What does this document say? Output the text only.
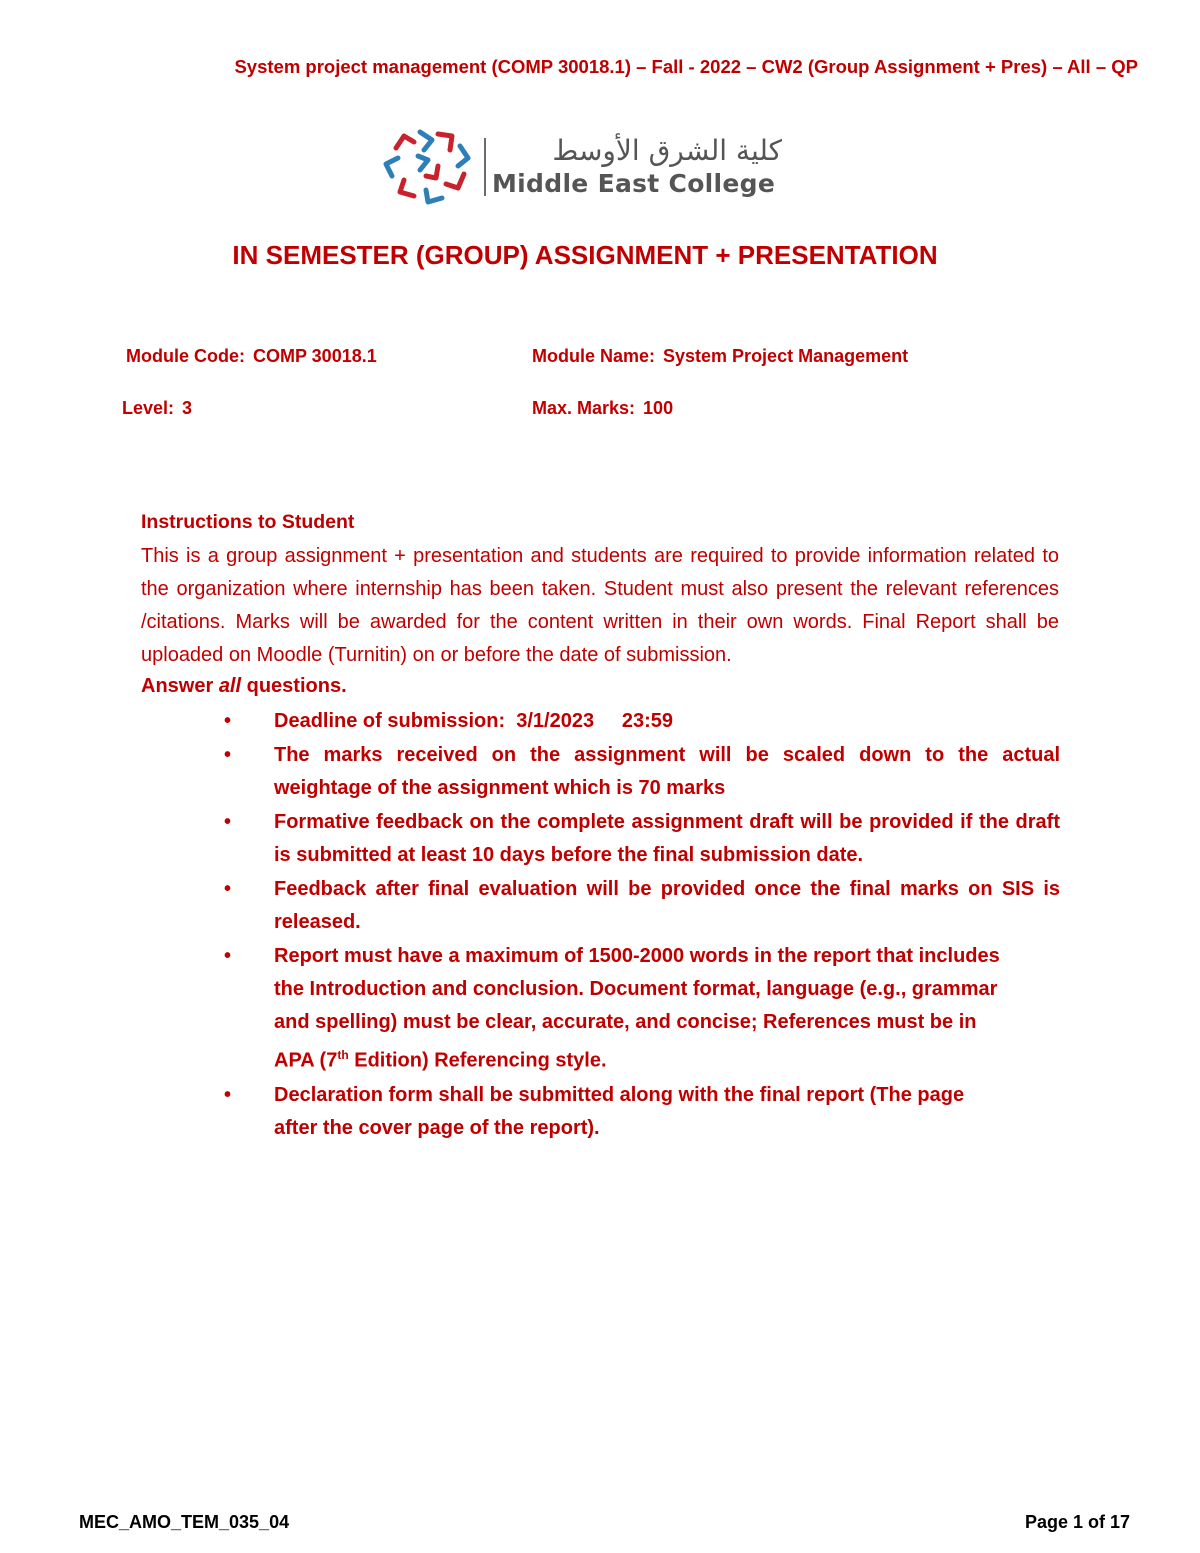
System project management (COMP 30018.1) – Fall - 2022 – CW2 (Group Assignment + Pres) – All – QP
كلية الشرق الأوسط
Middle East College
IN SEMESTER (GROUP) ASSIGNMENT + PRESENTATION
Module Code: COMP 30018.1	Module Name: System Project Management
Level: 3	Max. Marks: 100
Instructions to Student
This is a group assignment + presentation and students are required to provide information related to the organization where internship has been taken. Student must also present the relevant references /citations. Marks will be awarded for the content written in their own words. Final Report shall be uploaded on Moodle (Turnitin) on or before the date of submission.
Answer all questions.
• Deadline of submission:  3/1/2023     23:59
• The marks received on the assignment will be scaled down to the actual weightage of the assignment which is 70 marks
• Formative feedback on the complete assignment draft will be provided if the draft is submitted at least 10 days before the final submission date.
• Feedback after final evaluation will be provided once the final marks on SIS is released.
• Report must have a maximum of 1500-2000 words in the report that includes the Introduction and conclusion. Document format, language (e.g., grammar and spelling) must be clear, accurate, and concise; References must be in APA (7th Edition) Referencing style.
• Declaration form shall be submitted along with the final report (The page after the cover page of the report).
MEC_AMO_TEM_035_04	Page 1 of 17
